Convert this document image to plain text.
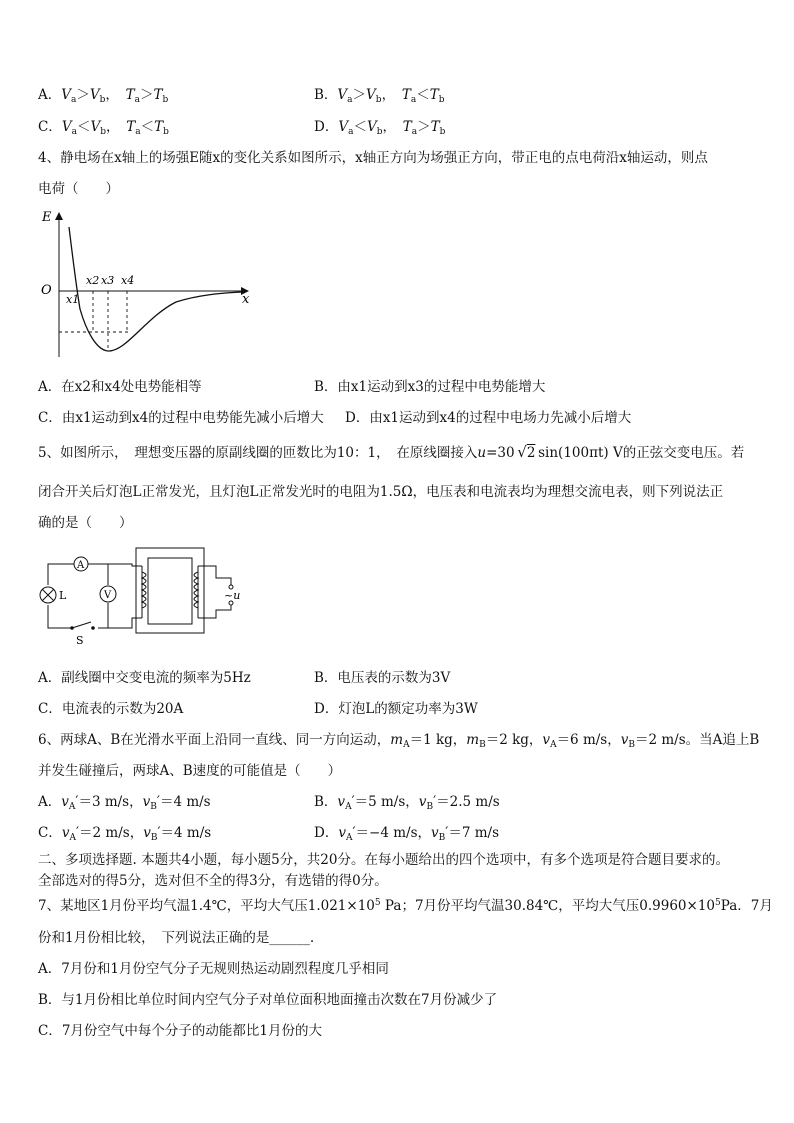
A．$V_a>V_b$，　$T_a>T_b$	B．$V_a>V_b$，　$T_a<T_b$
C．$V_a<V_b$，　$T_a<T_b$	D．$V_a<V_b$，　$T_a>T_b$
4、静电场在x轴上的场强E随x的变化关系如图所示，x轴正方向为场强正方向，带正电的点电荷沿x轴运动，则点
电荷（　　）
E
x
O
x1
x2 x3 x4
A．在x2和x4处电势能相等	B．由x1运动到x3的过程中电势能增大
C．由x1运动到x4的过程中电势能先减小后增大 D．由x1运动到x4的过程中电场力先减小后增大
5、如图所示，　理想变压器的原副线圈的匝数比为10：1，　在原线圈接入u=30 √2  sin(100πt) V的正弦交变电压。若
闭合开关后灯泡L正常发光，且灯泡L正常发光时的电阻为1.5Ω，电压表和电流表均为理想交流电表，则下列说法正
确的是（　　）
~u
S
A
L	V
A．副线圈中交变电流的频率为5Hz	B．电压表的示数为3V
C．电流表的示数为20A	D．灯泡L的额定功率为3W
6、两球A、B在光滑水平面上沿同一直线、同一方向运动，$m_A=1$ kg，$m_B=2$ kg，$v_A=6$ m/s，$v_B=2$ m/s。当A追上B
并发生碰撞后，两球A、B速度的可能值是（　　）
A．$v_A'=3$ m/s，$v_B'=4$ m/s	B．$v_A'=5$ m/s，$v_B'=2.5$ m/s
C．$v_A'=2$ m/s，$v_B'=4$ m/s	D．$v_A'=-4$ m/s，$v_B'=7$ m/s
二、多项选择题. 本题共4小题，每小题5分，共20分。在每小题给出的四个选项中，有多个选项是符合题目要求的。
全部选对的得5分，选对但不全的得3分，有选错的得0分。
7、某地区1月份平均气温1.4℃，平均大气压$1.021\times 10^5$ Pa；7月份平均气温30.84℃，平均大气压$0.9960\times 10^5Pa$．7月
份和1月份相比较，　下列说法正确的是______.
A．7月份和1月份空气分子无规则热运动剧烈程度几乎相同
B．与1月份相比单位时间内空气分子对单位面积地面撞击次数在7月份减少了
C．7月份空气中每个分子的动能都比1月份的大
